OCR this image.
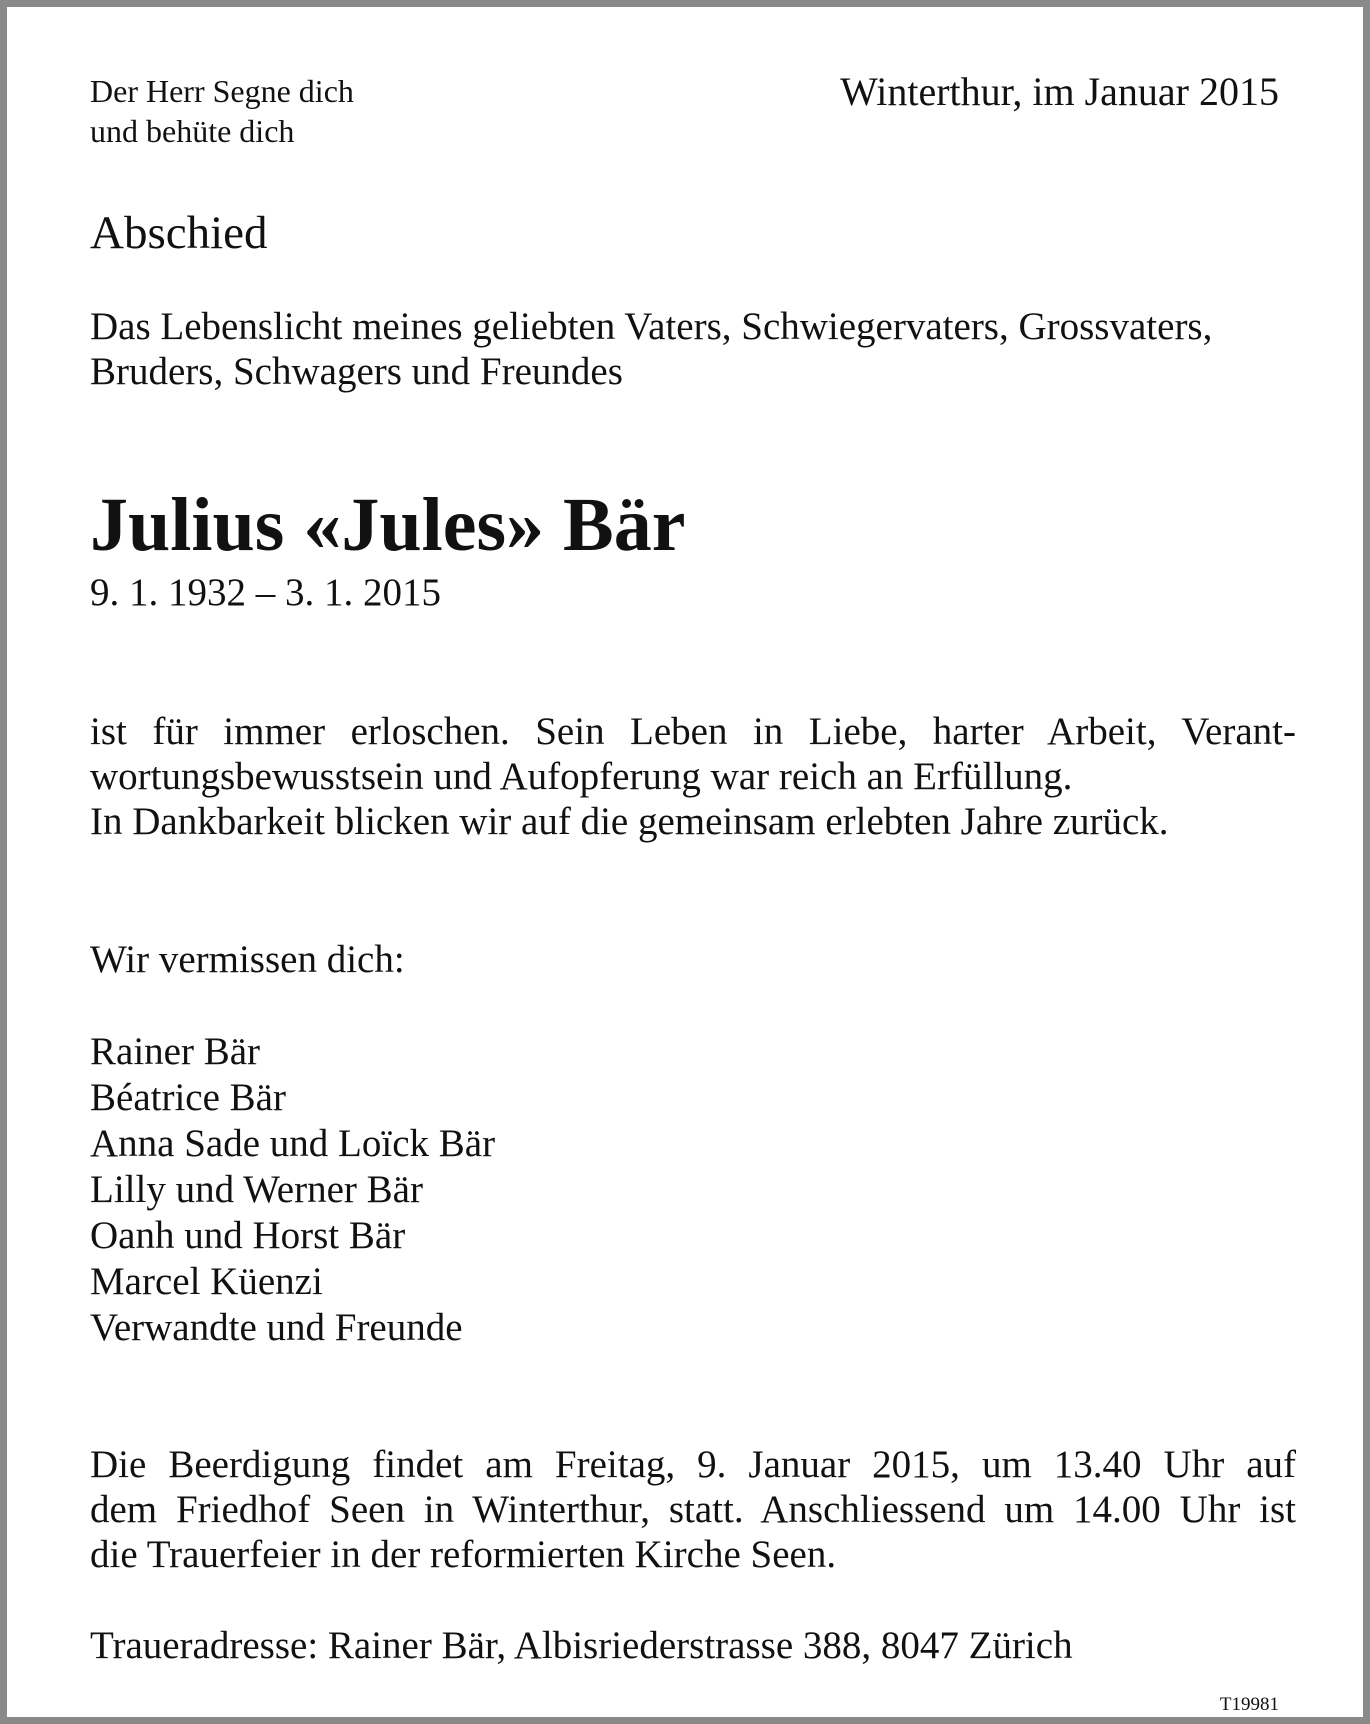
Der Herr Segne dich
und behüte dich
Winterthur, im Januar 2015
Abschied
Das Lebenslicht meines geliebten Vaters, Schwiegervaters, Grossvaters,
Bruders, Schwagers und Freundes
Julius «Jules» Bär
9. 1. 1932 – 3. 1. 2015
ist für immer erloschen. Sein Leben in Liebe, harter Arbeit, Verant-
wortungsbewusstsein und Aufopferung war reich an Erfüllung.
In Dankbarkeit blicken wir auf die gemeinsam erlebten Jahre zurück.
Wir vermissen dich:
Rainer Bär
Béatrice Bär
Anna Sade und Loïck Bär
Lilly und Werner Bär
Oanh und Horst Bär
Marcel Küenzi
Verwandte und Freunde
Die Beerdigung findet am Freitag, 9. Januar 2015, um 13.40 Uhr auf
dem Friedhof Seen in Winterthur, statt. Anschliessend um 14.00 Uhr ist
die Trauerfeier in der reformierten Kirche Seen.
Traueradresse: Rainer Bär, Albisriederstrasse 388, 8047 Zürich
T19981
